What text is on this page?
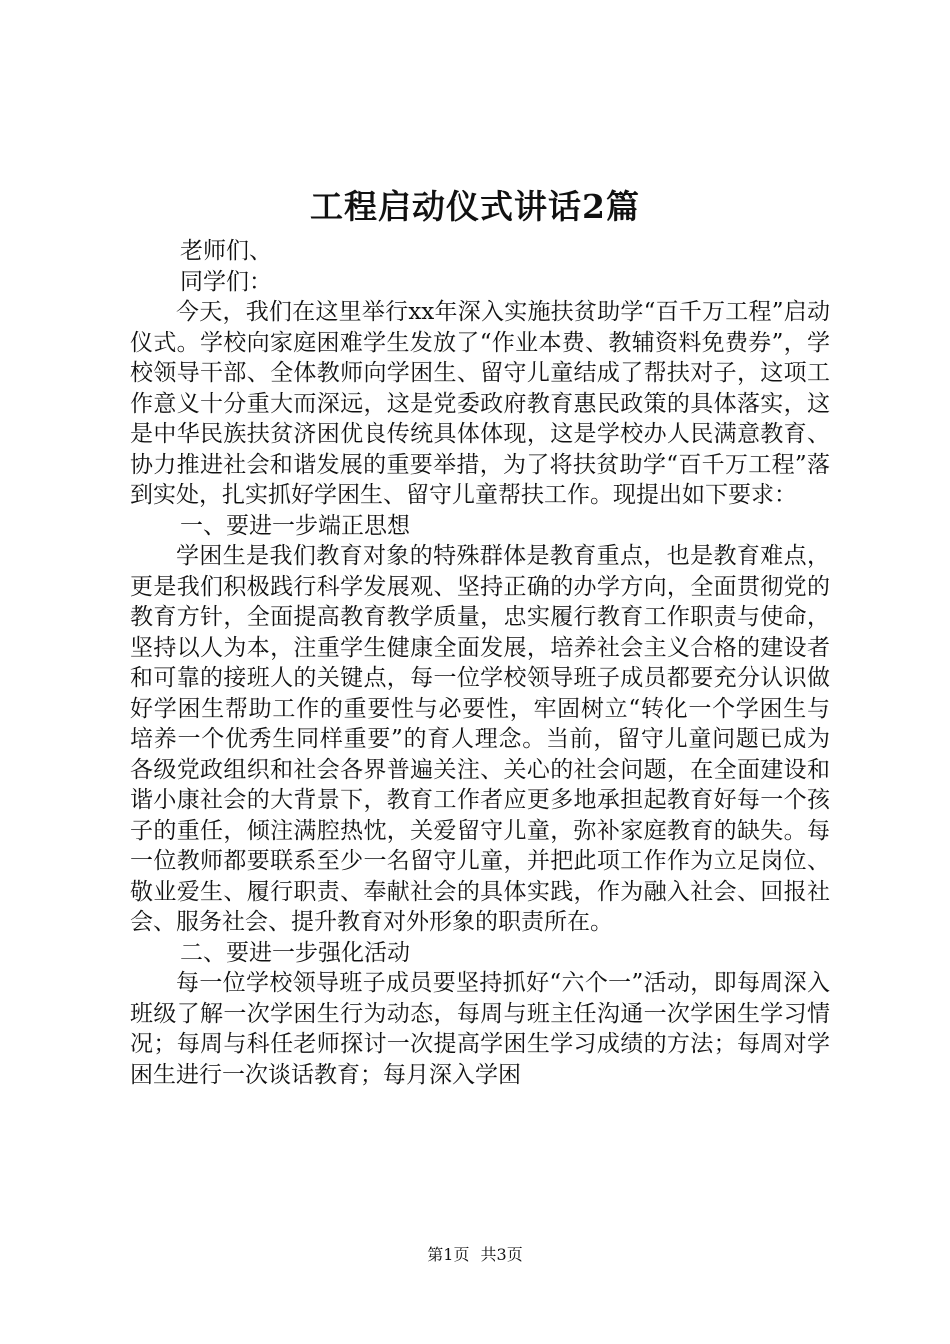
工程启动仪式讲话2篇

老师们、

同学们：

今天，我们在这里举行xx年深入实施扶贫助学“百千万工程”启动仪式。学校向家庭困难学生发放了“作业本费、教辅资料免费券”，学校领导干部、全体教师向学困生、留守儿童结成了帮扶对子，这项工作意义十分重大而深远，这是党委政府教育惠民政策的具体落实，这是中华民族扶贫济困优良传统具体体现，这是学校办人民满意教育、协力推进社会和谐发展的重要举措，为了将扶贫助学“百千万工程”落到实处，扎实抓好学困生、留守儿童帮扶工作。现提出如下要求：

一、要进一步端正思想

学困生是我们教育对象的特殊群体是教育重点，也是教育难点，更是我们积极践行科学发展观、坚持正确的办学方向，全面贯彻党的教育方针，全面提高教育教学质量，忠实履行教育工作职责与使命，坚持以人为本，注重学生健康全面发展，培养社会主义合格的建设者和可靠的接班人的关键点，每一位学校领导班子成员都要充分认识做好学困生帮助工作的重要性与必要性，牢固树立“转化一个学困生与培养一个优秀生同样重要”的育人理念。当前，留守儿童问题已成为各级党政组织和社会各界普遍关注、关心的社会问题，在全面建设和谐小康社会的大背景下，教育工作者应更多地承担起教育好每一个孩子的重任，倾注满腔热忱，关爱留守儿童，弥补家庭教育的缺失。每一位教师都要联系至少一名留守儿童，并把此项工作作为立足岗位、敬业爱生、履行职责、奉献社会的具体实践，作为融入社会、回报社会、服务社会、提升教育对外形象的职责所在。

二、要进一步强化活动

每一位学校领导班子成员要坚持抓好“六个一”活动，即每周深入班级了解一次学困生行为动态，每周与班主任沟通一次学困生学习情况；每周与科任老师探讨一次提高学困生学习成绩的方法；每周对学困生进行一次谈话教育；每月深入学困

第1页 共3页
